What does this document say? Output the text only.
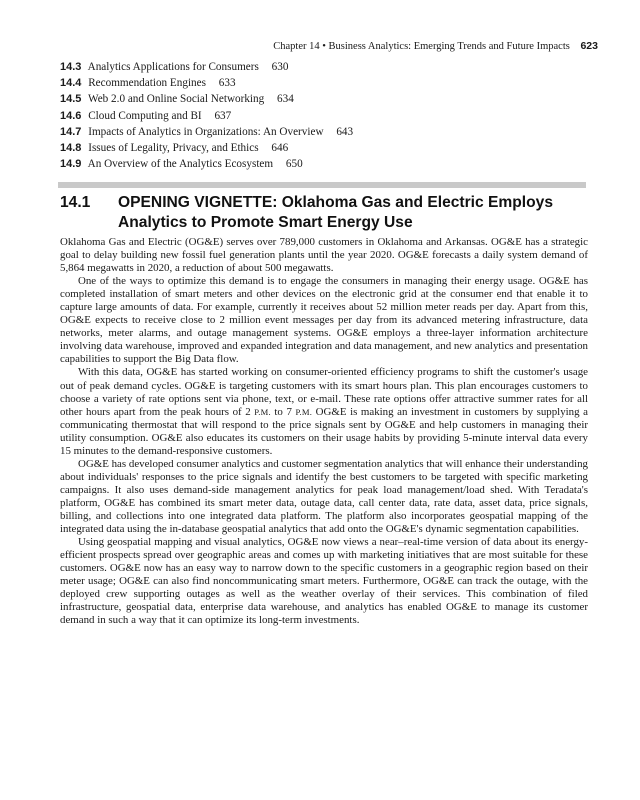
Chapter 14 • Business Analytics: Emerging Trends and Future Impacts 623
14.3 Analytics Applications for Consumers 630
14.4 Recommendation Engines 633
14.5 Web 2.0 and Online Social Networking 634
14.6 Cloud Computing and BI 637
14.7 Impacts of Analytics in Organizations: An Overview 643
14.8 Issues of Legality, Privacy, and Ethics 646
14.9 An Overview of the Analytics Ecosystem 650
14.1	OPENING VIGNETTE: Oklahoma Gas and Electric Employs Analytics to Promote Smart Energy Use

Oklahoma Gas and Electric (OG&E) serves over 789,000 customers in Oklahoma and Arkansas. OG&E has a strategic goal to delay building new fossil fuel generation plants until the year 2020. OG&E forecasts a daily system demand of 5,864 megawatts in 2020, a reduction of about 500 megawatts.

One of the ways to optimize this demand is to engage the consumers in managing their energy usage. OG&E has completed installation of smart meters and other devices on the electronic grid at the consumer end that enable it to capture large amounts of data. For example, currently it receives about 52 million meter reads per day. Apart from this, OG&E expects to receive close to 2 million event messages per day from its advanced metering infrastructure, data networks, meter alarms, and outage management systems. OG&E employs a three-layer information architecture involving data warehouse, improved and expanded integration and data management, and new analytics and presentation capabilities to support the Big Data flow.

With this data, OG&E has started working on consumer-oriented efficiency programs to shift the customer's usage out of peak demand cycles. OG&E is targeting customers with its smart hours plan. This plan encourages customers to choose a variety of rate options sent via phone, text, or e-mail. These rate options offer attractive summer rates for all other hours apart from the peak hours of 2 P.M. to 7 P.M. OG&E is making an investment in customers by supplying a communicating thermostat that will respond to the price signals sent by OG&E and help customers in managing their utility consumption. OG&E also educates its customers on their usage habits by providing 5-minute interval data every 15 minutes to the demand-responsive customers.

OG&E has developed consumer analytics and customer segmentation analytics that will enhance their understanding about individuals' responses to the price signals and identify the best customers to be targeted with specific marketing campaigns. It also uses demand-side management analytics for peak load management/load shed. With Teradata's platform, OG&E has combined its smart meter data, outage data, call center data, rate data, asset data, price signals, billing, and collections into one integrated data platform. The platform also incorporates geospatial mapping of the integrated data using the in-database geospatial analytics that add onto the OG&E's dynamic segmentation capabilities.

Using geospatial mapping and visual analytics, OG&E now views a near–real-time version of data about its energy-efficient prospects spread over geographic areas and comes up with marketing initiatives that are most suitable for these customers. OG&E now has an easy way to narrow down to the specific customers in a geographic region based on their meter usage; OG&E can also find noncommunicating smart meters. Furthermore, OG&E can track the outage, with the deployed crew supporting outages as well as the weather overlay of their services. This combination of filed infrastructure, geospatial data, enterprise data warehouse, and analytics has enabled OG&E to manage its customer demand in such a way that it can optimize its long-term investments.
